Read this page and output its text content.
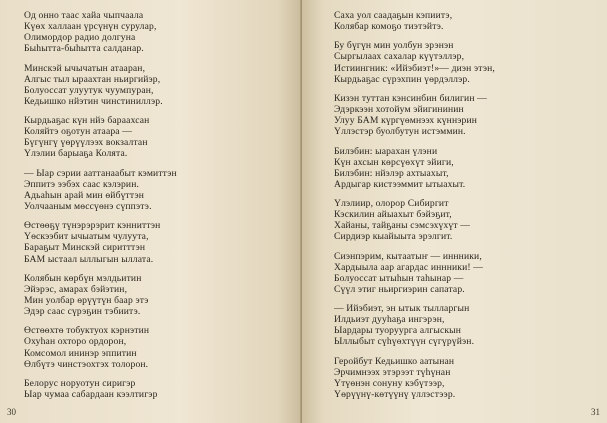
Од онно таас хайа чыпчаала
Күөх халлаан үрсүнүн сурулар,
Олимордор радио долгуна
Быһытта-быһытта салданар.
Минскэй ычычатын атааран,
Алгыс тыл ыраахтан ньиргийэр,
Болуоссат улуутук чуумпуран,
Кедьишко нйэтин чинстиниллэр.
Кырдьаҕас күн нйэ бараахсан
Коляйтэ оҕотун атаара —
Бүгүнгү үөрүүлээх вокзалтан
Үлэлии барыаҕа Колята.
— Ыар сэрии ааттанаабыт кэмиттэн
Эппитэ ээбэх саас кэлэрин.
Адьаһын арай мин өйбүттэн
Уолчааным мөссүөнэ сүппэтэ.
Өстөөҕү түнэрэрэрит кэнниттэн
Үөскээбит ычыатым чулуута,
Бараҕыт Минскэй сиритттэн
БАМ ыстаал ыллыгын ыллата.
Колябын көрбүн мэлдьитин
Эйэрэс, амарах бэйэтин,
Мин уолбар өрүүтүн баар этэ
Эдэр саас сүрэҕин тэбиитэ.
Өстөөхтө тобуктуох кэрнэтин
Охуһан охторо ордорон,
Комсомол ининэр эппитин
Өлбүтэ чинстэохтэх толорон.
Белорус норуотун сиригэр
Ыар чумаа сабардаан кээлтигэр
30
Саха уол саадаҕын кэпиитэ,
Колябар комоҕо тиэтэйтэ.
Бу бүгүн мин уолбун эрэнэн
Сыргылаах сахалар күүтэллэр,
Истиингник: «Ийэбиэт!»— диэн этэн,
Кырдьаҕас сүрэхпин үөрдэллэр.
Кизэн туттан кэнсинбин билигин —
Эдэркээн хотойум эйигининин
Улуу БАМ күргүөмнээх күннэрин
Үллэстэр буолбутун истэммин.
Билэбин: ыарахан үлэни
Күн ахсын көрсүөхүт эйиги,
Билэбин: нйэлэр ахтыахыт,
Ардыгар кистээммит ытыахыт.
Үлэлиир, олорор Сибиргит
Кэскилин айыахыт бэйэҕит,
Хайаны, тайҕаны сэмсэхүхүт —
Сирдиэр кыайыыта эрэлгит.
Сиэнпэрим, кытаатыҥ — иннники,
Хардыыла аар агардас иннники! —
Болуоссат ытыһын таһынар —
Сүүл этиг ньиргиэрин сапатар.
— Ийэбиэт, эн ытык тылларгын
Илдьиэт дууһаҕа ингэрэн,
Ыардары туоруурга алгыскын
Ыллыбыт сүһүөхтүүн сүгүрүйэн.
Геройбут Кедьишко аатынан
Эрчимнээх этэрээт түһүнан
Үтүөнэн сонуну кэбүтээр,
Үөрүүнү-көтүүнү үллэстээр.
31
